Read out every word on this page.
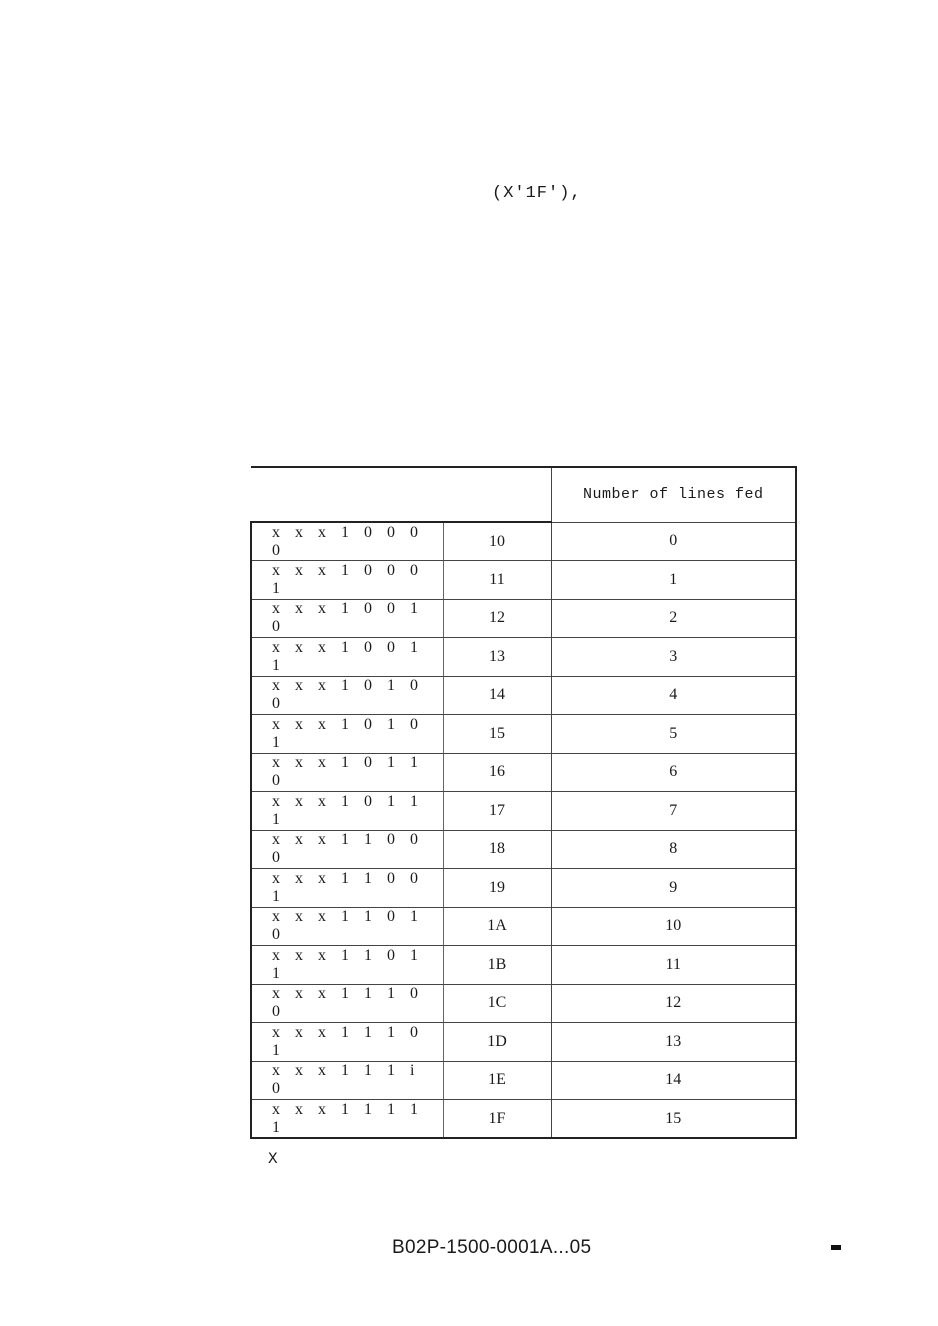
(X'1F'),
		Number of lines fed
x x x 1 0 0 0 0	10	0
x x x 1 0 0 0 1	11	1
x x x 1 0 0 1 0	12	2
x x x 1 0 0 1 1	13	3
x x x 1 0 1 0 0	14	4
x x x 1 0 1 0 1	15	5
x x x 1 0 1 1 0	16	6
x x x 1 0 1 1 1	17	7
x x x 1 1 0 0 0	18	8
x x x 1 1 0 0 1	19	9
x x x 1 1 0 1 0	1A	10
x x x 1 1 0 1 1	1B	11
x x x 1 1 1 0 0	1C	12
x x x 1 1 1 0 1	1D	13
x x x 1 1 1 i 0	1E	14
x x x 1 1 1 1 1	1F	15
X
B02P-1500-0001A...05
